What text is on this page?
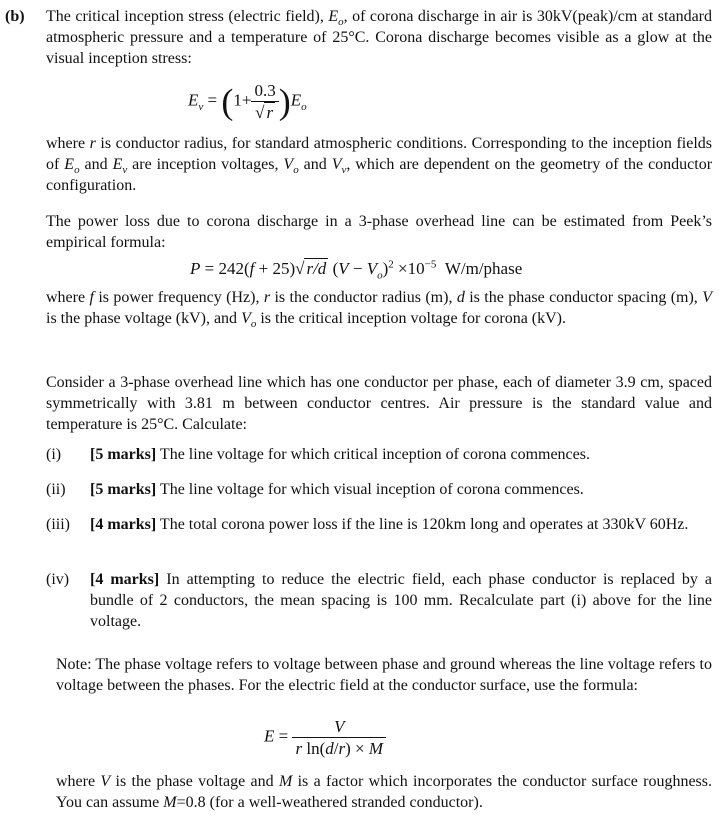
(b) The critical inception stress (electric field), $E_o$, of corona discharge in air is 30kV(peak)/cm at standard atmospheric pressure and a temperature of 25°C. Corona discharge becomes visible as a glow at the visual inception stress:
$E_v = (1+ \frac{0.3}{√ r} )E_o$
where r is conductor radius, for standard atmospheric conditions. Corresponding to the inception fields of $E_o$ and $E_v$ are inception voltages, $V_o$ and $V_v$, which are dependent on the geometry of the conductor configuration.
The power loss due to corona discharge in a 3-phase overhead line can be estimated from Peek’s empirical formula:
P = 242(f + 25)√ r/d $(V - V_o)^2 \times 10^{-5}$ W/m/phase
where f is power frequency (Hz), r is the conductor radius (m), d is the phase conductor spacing (m), V is the phase voltage (kV), and $V_o$ is the critical inception voltage for corona (kV).
Consider a 3-phase overhead line which has one conductor per phase, each of diameter 3.9 cm, spaced symmetrically with 3.81 m between conductor centres. Air pressure is the standard value and temperature is 25°C. Calculate:
(i) [5 marks] The line voltage for which critical inception of corona commences.
(ii) [5 marks] The line voltage for which visual inception of corona commences.
(iii) [4 marks] The total corona power loss if the line is 120km long and operates at 330kV 60Hz.
(iv) [4 marks] In attempting to reduce the electric field, each phase conductor is replaced by a bundle of 2 conductors, the mean spacing is 100 mm. Recalculate part (i) above for the line voltage.
Note: The phase voltage refers to voltage between phase and ground whereas the line voltage refers to voltage between the phases. For the electric field at the conductor surface, use the formula:
$E = \frac{V}{\text{r ln(d/r) × M}}$
where V is the phase voltage and M is a factor which incorporates the conductor surface roughness. You can assume M=0.8 (for a well-weathered stranded conductor).
